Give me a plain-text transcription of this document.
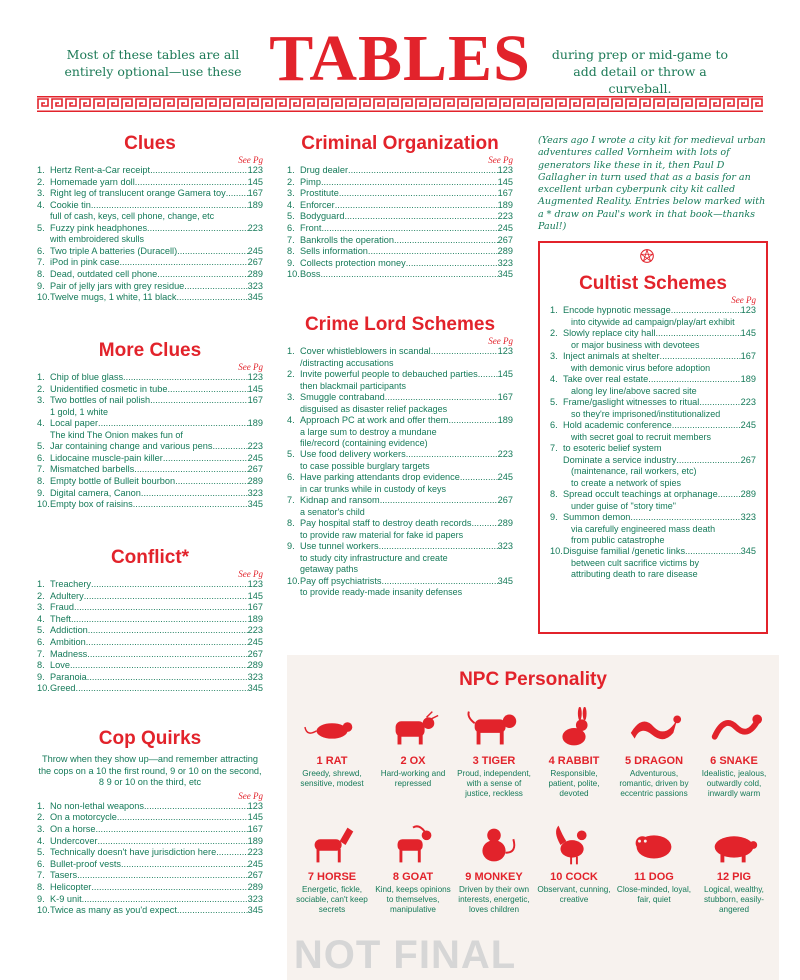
Most of these tables are all entirely optional—use these TABLES	during prep or mid-game to add detail or throw a curveball.
Clues
See Pg
1. Hertz Rent-a-Car receipt .....	123
2. Homemade yarn doll .....	145
3. Right leg of translucent orange Gamera toy ..... 167
4. Cookie tin .....	189
full of cash, keys, cell phone, change, etc
5. Fuzzy pink headphones .....	223
with embroidered skulls
6. Two triple A batteries (Duracell) .....	245
7. iPod in pink case .....	267
8. Dead, outdated cell phone .....	289
9. Pair of jelly jars with grey residue .....	323
10. Twelve mugs, 1 white, 11 black .....	345
More Clues
See Pg
1. Chip of blue glass .....	123
2. Unidentified cosmetic in tube .....	145
3. Two bottles of nail polish .....	167
1 gold, 1 white
4. Local paper .....	189
The kind The Onion makes fun of
5. Jar containing change and various pens .....	223
6. Lidocaine muscle-pain killer .....	245
7. Mismatched barbells .....	267
8. Empty bottle of Bulleit bourbon .....	289
9. Digital camera, Canon .....	323
10. Empty box of raisins .....	345
Conflict*
See Pg
1. Treachery .....	123
2. Adultery .....	145
3. Fraud .....	167
4. Theft .....	189
5. Addiction .....	223
6. Ambition .....	245
7. Madness .....	267
8. Love .....	289
9. Paranoia .....	323
10. Greed .....	345
Cop Quirks
Throw when they show up—and remember attracting the cops on a 10 the first round, 9 or 10 on the second, 8 9 or 10 on the third, etc
See Pg
1. No non-lethal weapons .....	123
2. On a motorcycle .....	145
3. On a horse .....	167
4. Undercover .....	189
5. Technically doesn't have jurisdiction here .....	223
6. Bullet-proof vests .....	245
7. Tasers .....	267
8. Helicopter .....	289
9. K-9 unit .....	323
10. Twice as many as you'd expect .....	345
Criminal Organization
See Pg
1. Drug dealer .....	123
2. Pimp .....	145
3. Prostitute .....	167
4. Enforcer .....	189
5. Bodyguard .....	223
6. Front .....	245
7. Bankrolls the operation .....	267
8. Sells information .....	289
9. Collects protection money .....	323
10. Boss .....	345
Crime Lord Schemes
See Pg
1. Cover whistleblowers in scandal .....	123
/distracting accusations
2. Invite powerful people to debauched parties ..... 145
then blackmail participants
3. Smuggle contraband .....	167
disguised as disaster relief packages
4. Approach PC at work and offer them .....	189
a large sum to destroy a mundane
file/record (containing evidence)
5. Use food delivery workers .....	223
to case possible burglary targets
6. Have parking attendants drop evidence .....	245
in car trunks while in custody of keys
7. Kidnap and ransom .....	267
a senator's child
8. Pay hospital staff to destroy death records .....	289
to provide raw material for fake id papers
9. Use tunnel workers .....	323
to study city infrastructure and create
getaway paths
10. Pay off psychiatrists .....	345
to provide ready-made insanity defenses
(Years ago I wrote a city kit for medieval urban adventures called Vornheim with lots of generators like these in it, then Paul D Gallagher in turn used that as a basis for an excellent urban cyberpunk city kit called Augmented Reality. Entries below marked with a * draw on Paul's work in that book—thanks Paul!)
Cultist Schemes
See Pg
1. Encode hypnotic message .....	123
into citywide ad campaign/play/art exhibit
2. Slowly replace city hall .....	145
or major business with devotees
3. Inject animals at shelter .....	167
with demonic virus before adoption
4. Take over real estate .....	189
along ley line/above sacred site
5. Frame/gaslight witnesses to ritual .....	223
so they're imprisoned/institutionalized
6. Hold academic conference .....	245
with secret goal to recruit members
7. to esoteric belief system
Dominate a service industry .....	267
(maintenance, rail workers, etc)
to create a network of spies
8. Spread occult teachings at orphanage ..... 289
under guise of "story time"
9. Summon demon .....	323
via carefully engineered mass death
from public catastrophe
10. Disguise familial /genetic links .....	345
between cult sacrifice victims by
attributing death to rare disease
NPC Personality
1 RAT
Greedy, shrewd, sensitive, modest
2 OX
Hard-working and repressed
3 TIGER
Proud, independent, with a sense of justice, reckless
4 RABBIT
Responsible, patient, polite, devoted
5 DRAGON
Adventurous, romantic, driven by eccentric passions
6 SNAKE
Idealistic, jealous, outwardly cold, inwardly warm
7 HORSE
Energetic, fickle, sociable, can't keep secrets
8 GOAT
Kind, keeps opinions to themselves, manipulative
9 MONKEY
Driven by their own interests, energetic, loves children
10 COCK
Observant, cunning, creative
11 DOG
Close-minded, loyal, fair, quiet
12 PIG
Logical, wealthy, stubborn, easily-angered
NOT FINAL
